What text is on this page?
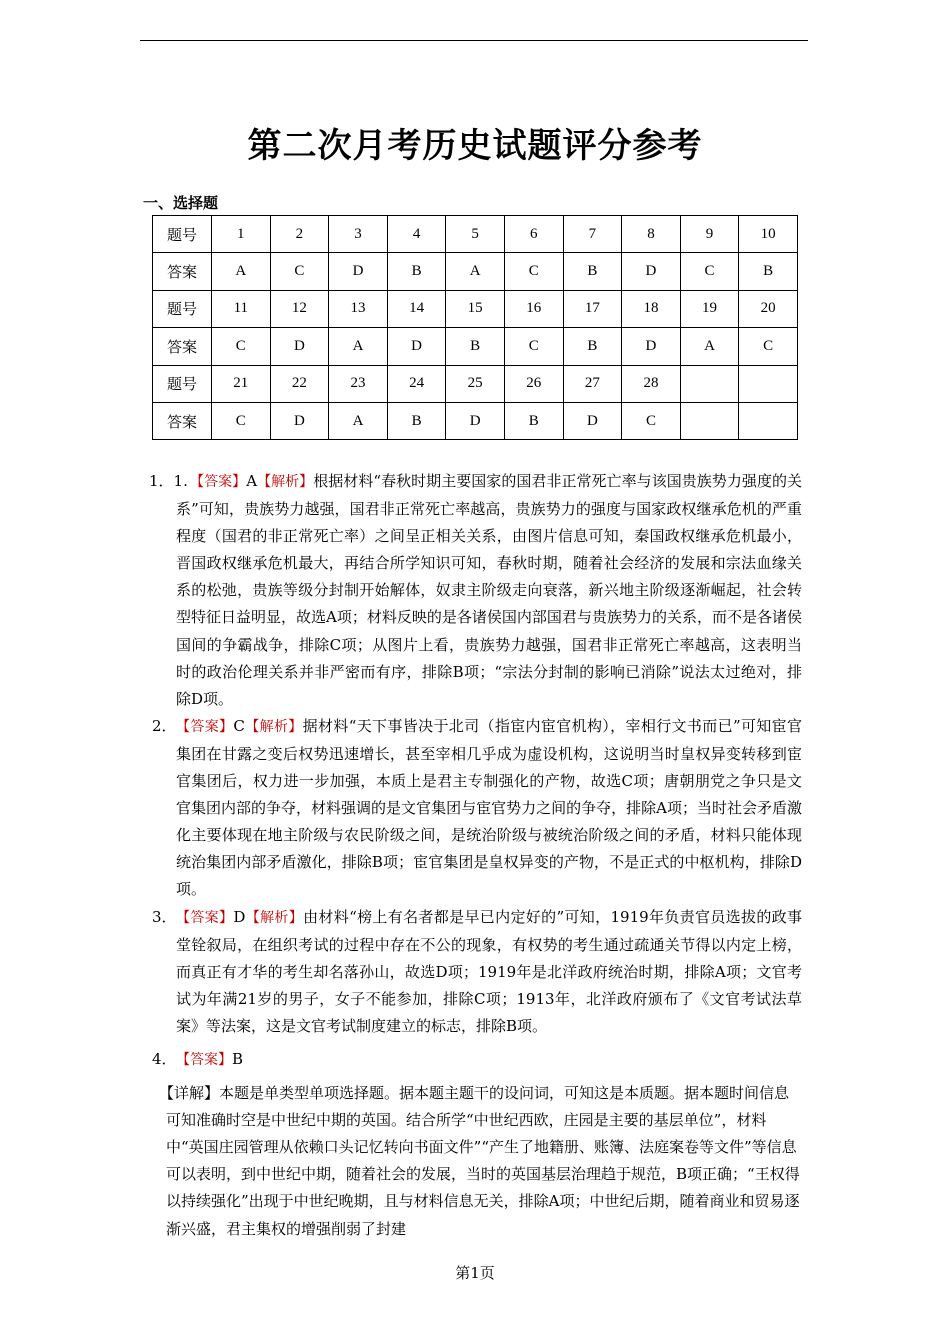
第二次月考历史试题评分参考
一、选择题
题号	1	2	3	4	5	6	7	8	9	10
答案	A	C	D	B	A	C	B	D	C	B
题号	11	12	13	14	15	16	17	18	19	20
答案	C	D	A	D	B	C	B	D	A	C
题号	21	22	23	24	25	26	27	28		
答案	C	D	A	B	D	B	D	C		
1．1. 【答案】A【解析】根据材料“春秋时期主要国家的国君非正常死亡率与该国贵族势力强度的关系”可知，贵族势力越强，国君非正常死亡率越高，贵族势力的强度与国家政权继承危机的严重程度（国君的非正常死亡率）之间呈正相关关系，由图片信息可知，秦国政权继承危机最小，晋国政权继承危机最大，再结合所学知识可知，春秋时期，随着社会经济的发展和宗法血缘关系的松弛，贵族等级分封制开始解体，奴隶主阶级走向衰落，新兴地主阶级逐渐崛起，社会转型特征日益明显，故选A项；材料反映的是各诸侯国内部国君与贵族势力的关系，而不是各诸侯国间的争霸战争，排除C项；从图片上看，贵族势力越强，国君非正常死亡率越高，这表明当时的政治伦理关系并非严密而有序，排除B项；“宗法分封制的影响已消除”说法太过绝对，排除D项。
2． 【答案】C【解析】据材料“天下事皆决于北司（指宦内宦官机构），宰相行文书而已”可知宦官集团在甘露之变后权势迅速增长，甚至宰相几乎成为虚设机构，这说明当时皇权异变转移到宦官集团后，权力进一步加强，本质上是君主专制强化的产物，故选C项；唐朝朋党之争只是文官集团内部的争夺，材料强调的是文官集团与宦官势力之间的争夺，排除A项；当时社会矛盾激化主要体现在地主阶级与农民阶级之间，是统治阶级与被统治阶级之间的矛盾，材料只能体现统治集团内部矛盾激化，排除B项；宦官集团是皇权异变的产物，不是正式的中枢机构，排除D项。
3． 【答案】D【解析】由材料“榜上有名者都是早已内定好的”可知，1919年负责官员选拔的政事堂铨叙局，在组织考试的过程中存在不公的现象，有权势的考生通过疏通关节得以内定上榜，而真正有才华的考生却名落孙山，故选D项；1919年是北洋政府统治时期，排除A项；文官考试为年满21岁的男子，女子不能参加，排除C项；1913年，北洋政府颁布了《文官考试法草案》等法案，这是文官考试制度建立的标志，排除B项。
4． 【答案】B
【详解】本题是单类型单项选择题。据本题主题干的设问词，可知这是本质题。据本题时间信息可知准确时空是中世纪中期的英国。结合所学“中世纪西欧，庄园是主要的基层单位”，材料中“英国庄园管理从依赖口头记忆转向书面文件”“产生了地籍册、账簿、法庭案卷等文件”等信息可以表明，到中世纪中期，随着社会的发展，当时的英国基层治理趋于规范，B项正确；“王权得以持续强化”出现于中世纪晚期，且与材料信息无关，排除A项；中世纪后期，随着商业和贸易逐渐兴盛，君主集权的增强削弱了封建
第1页
